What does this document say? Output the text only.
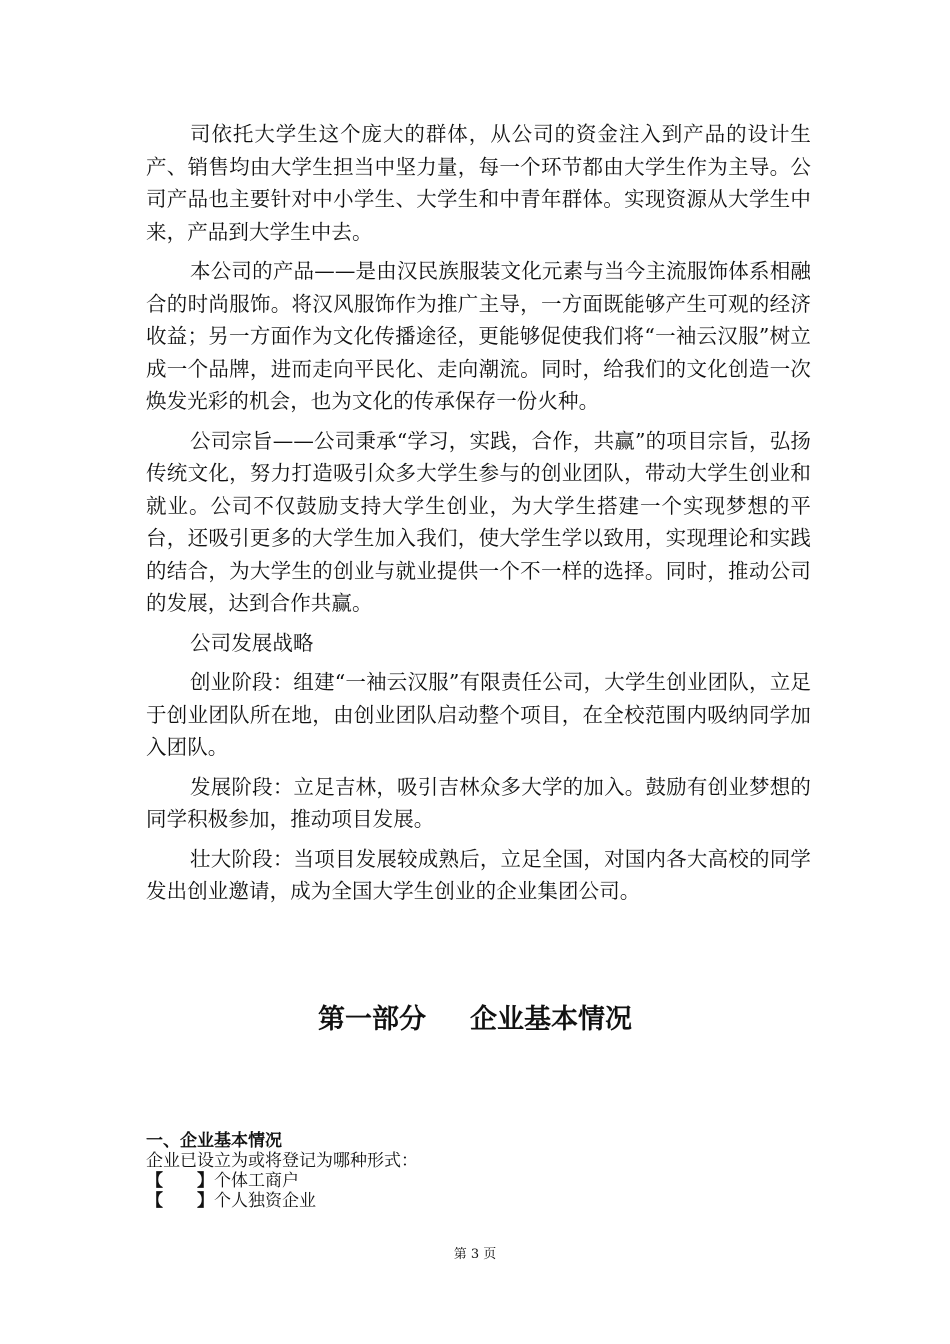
司依托大学生这个庞大的群体，从公司的资金注入到产品的设计生产、销售均由大学生担当中坚力量，每一个环节都由大学生作为主导。公司产品也主要针对中小学生、大学生和中青年群体。实现资源从大学生中来，产品到大学生中去。

本公司的产品——是由汉民族服装文化元素与当今主流服饰体系相融合的时尚服饰。将汉风服饰作为推广主导，一方面既能够产生可观的经济收益；另一方面作为文化传播途径，更能够促使我们将“一袖云汉服”树立成一个品牌，进而走向平民化、走向潮流。同时，给我们的文化创造一次焕发光彩的机会，也为文化的传承保存一份火种。

公司宗旨——公司秉承“学习，实践，合作，共赢”的项目宗旨，弘扬传统文化，努力打造吸引众多大学生参与的创业团队，带动大学生创业和就业。公司不仅鼓励支持大学生创业，为大学生搭建一个实现梦想的平台，还吸引更多的大学生加入我们，使大学生学以致用，实现理论和实践的结合，为大学生的创业与就业提供一个不一样的选择。同时，推动公司的发展，达到合作共赢。

公司发展战略

创业阶段：组建“一袖云汉服”有限责任公司，大学生创业团队，立足于创业团队所在地，由创业团队启动整个项目，在全校范围内吸纳同学加入团队。

发展阶段：立足吉林，吸引吉林众多大学的加入。鼓励有创业梦想的同学积极参加，推动项目发展。

壮大阶段：当项目发展较成熟后，立足全国，对国内各大高校的同学发出创业邀请，成为全国大学生创业的企业集团公司。

第一部分 企业基本情况
一、企业基本情况
企业已设立为或将登记为哪种形式：
【 】个体工商户
【 】个人独资企业
第 3 页
